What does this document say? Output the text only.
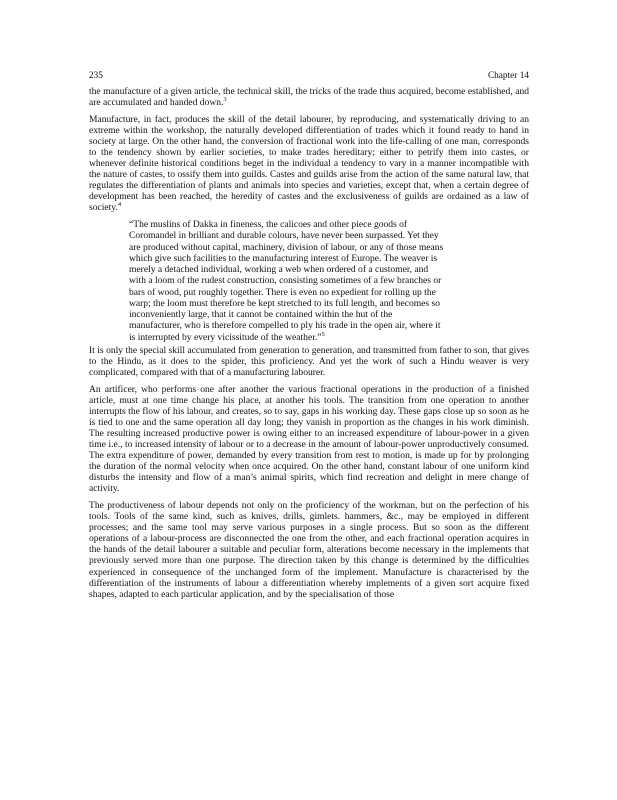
235	Chapter 14

the manufacture of a given article, the technical skill, the tricks of the trade thus acquired, become established, and are accumulated and handed down.$^3$

Manufacture, in fact, produces the skill of the detail labourer, by reproducing, and systematically driving to an extreme within the workshop, the naturally developed differentiation of trades which it found ready to hand in society at large. On the other hand, the conversion of fractional work into the life-calling of one man, corresponds to the tendency shown by earlier societies, to make trades hereditary; either to petrify them into castes, or whenever definite historical conditions beget in the individual a tendency to vary in a manner incompatible with the nature of castes, to ossify them into guilds. Castes and guilds arise from the action of the same natural law, that regulates the differentiation of plants and animals into species and varieties, except that, when a certain degree of development has been reached, the heredity of castes and the exclusiveness of guilds are ordained as a law of society.$^4$

“The muslins of Dakka in fineness, the calicoes and other piece goods of
Coromandel in brilliant and durable colours, have never been surpassed. Yet they
are produced without capital, machinery, division of labour, or any of those means
which give such facilities to the manufacturing interest of Europe. The weaver is
merely a detached individual, working a web when ordered of a customer, and
with a loom of the rudest construction, consisting sometimes of a few branches or
bars of wood, put roughly together. There is even no expedient for rolling up the
warp; the loom must therefore be kept stretched to its full length, and becomes so
inconveniently large, that it cannot be contained within the hut of the
manufacturer, who is therefore compelled to ply his trade in the open air, where it
is interrupted by every vicissitude of the weather.”$^5$

It is only the special skill accumulated from generation to generation, and transmitted from father to son, that gives to the Hindu, as it does to the spider, this proficiency. And yet the work of such a Hindu weaver is very complicated, compared with that of a manufacturing labourer.

An artificer, who performs one after another the various fractional operations in the production of a finished article, must at one time change his place, at another his tools. The transition from one operation to another interrupts the flow of his labour, and creates, so to say, gaps in his working day. These gaps close up so soon as he is tied to one and the same operation all day long; they vanish in proportion as the changes in his work diminish. The resulting increased productive power is owing either to an increased expenditure of labour-power in a given time i.e., to increased intensity of labour or to a decrease in the amount of labour-power unproductively consumed. The extra expenditure of power, demanded by every transition from rest to motion, is made up for by prolonging the duration of the normal velocity when once acquired. On the other hand, constant labour of one uniform kind disturbs the intensity and flow of a man’s animal spirits, which find recreation and delight in mere change of activity.

The productiveness of labour depends not only on the proficiency of the workman, but on the perfection of his tools. Tools of the same kind, such as knives, drills, gimlets. hammers, &c., may be employed in different processes; and the same tool may serve various purposes in a single process. But so soon as the different operations of a labour-process are disconnected the one from the other, and each fractional operation acquires in the hands of the detail labourer a suitable and peculiar form, alterations become necessary in the implements that previously served more than one purpose. The direction taken by this change is determined by the difficulties experienced in consequence of the unchanged form of the implement. Manufacture is characterised by the differentiation of the instruments of labour a differentiation whereby implements of a given sort acquire fixed shapes, adapted to each particular application, and by the specialisation of those
